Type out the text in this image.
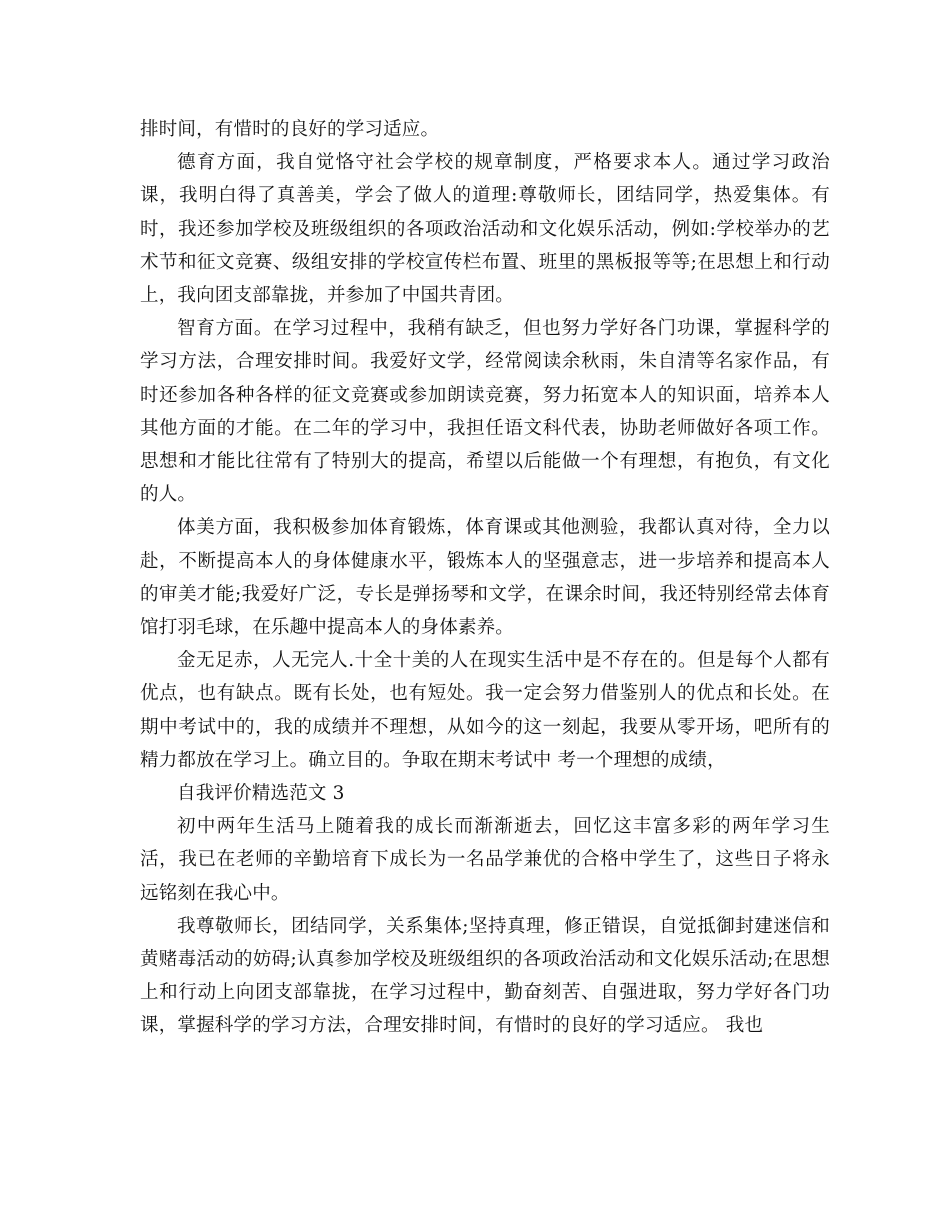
排时间，有惜时的良好的学习适应。

德育方面，我自觉恪守社会学校的规章制度，严格要求本人。通过学习政治课，我明白得了真善美，学会了做人的道理:尊敬师长，团结同学，热爱集体。有时，我还参加学校及班级组织的各项政治活动和文化娱乐活动，例如:学校举办的艺术节和征文竞赛、级组安排的学校宣传栏布置、班里的黑板报等等;在思想上和行动上，我向团支部靠拢，并参加了中国共青团。

智育方面。在学习过程中，我稍有缺乏，但也努力学好各门功课，掌握科学的学习方法，合理安排时间。我爱好文学，经常阅读余秋雨，朱自清等名家作品，有时还参加各种各样的征文竞赛或参加朗读竞赛，努力拓宽本人的知识面，培养本人其他方面的才能。在二年的学习中，我担任语文科代表，协助老师做好各项工作。思想和才能比往常有了特别大的提高，希望以后能做一个有理想，有抱负，有文化的人。

体美方面，我积极参加体育锻炼，体育课或其他测验，我都认真对待，全力以赴，不断提高本人的身体健康水平，锻炼本人的坚强意志，进一步培养和提高本人的审美才能;我爱好广泛，专长是弹扬琴和文学，在课余时间，我还特别经常去体育馆打羽毛球，在乐趣中提高本人的身体素养。

金无足赤，人无完人.十全十美的人在现实生活中是不存在的。但是每个人都有优点，也有缺点。既有长处，也有短处。我一定会努力借鉴别人的优点和长处。在期中考试中的，我的成绩并不理想，从如今的这一刻起，我要从零开场，吧所有的精力都放在学习上。确立目的。争取在期末考试中 考一个理想的成绩，

自我评价精选范文 3

初中两年生活马上随着我的成长而渐渐逝去，回忆这丰富多彩的两年学习生活，我已在老师的辛勤培育下成长为一名品学兼优的合格中学生了，这些日子将永远铭刻在我心中。

我尊敬师长，团结同学，关系集体;坚持真理，修正错误，自觉抵御封建迷信和黄赌毒活动的妨碍;认真参加学校及班级组织的各项政治活动和文化娱乐活动;在思想上和行动上向团支部靠拢，在学习过程中，勤奋刻苦、自强进取，努力学好各门功课，掌握科学的学习方法，合理安排时间，有惜时的良好的学习适应。 我也
